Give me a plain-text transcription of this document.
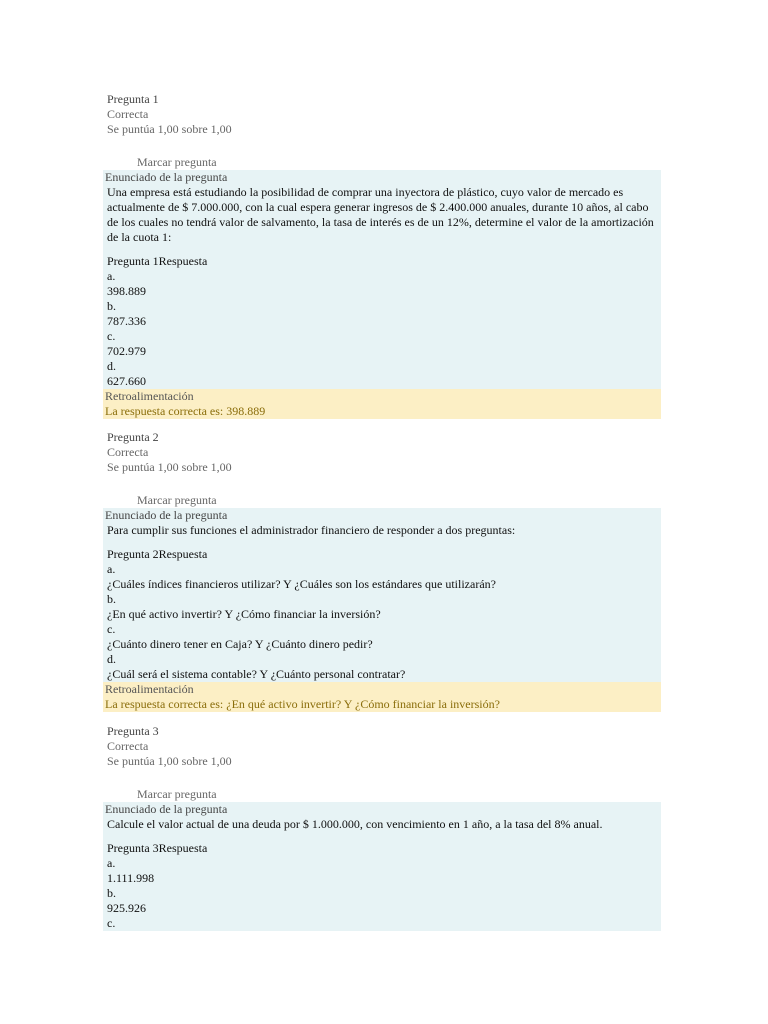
Pregunta 1
Correcta
Se puntúa 1,00 sobre 1,00
Marcar pregunta
Enunciado de la pregunta
Una empresa está estudiando la posibilidad de comprar una inyectora de plástico, cuyo valor de mercado es actualmente de $ 7.000.000, con la cual espera generar ingresos de $ 2.400.000 anuales, durante 10 años, al cabo de los cuales no tendrá valor de salvamento, la tasa de interés es de un 12%, determine el valor de la amortización de la cuota 1:
Pregunta 1Respuesta
a.
398.889
b.
787.336
c.
702.979
d.
627.660
Retroalimentación
La respuesta correcta es: 398.889
Pregunta 2
Correcta
Se puntúa 1,00 sobre 1,00
Marcar pregunta
Enunciado de la pregunta
Para cumplir sus funciones el administrador financiero de responder a dos preguntas:
Pregunta 2Respuesta
a.
¿Cuáles índices financieros utilizar? Y ¿Cuáles son los estándares que utilizarán?
b.
¿En qué activo invertir? Y ¿Cómo financiar la inversión?
c.
¿Cuánto dinero tener en Caja? Y ¿Cuánto dinero pedir?
d.
¿Cuál será el sistema contable? Y ¿Cuánto personal contratar?
Retroalimentación
La respuesta correcta es: ¿En qué activo invertir? Y ¿Cómo financiar la inversión?
Pregunta 3
Correcta
Se puntúa 1,00 sobre 1,00
Marcar pregunta
Enunciado de la pregunta
Calcule el valor actual de una deuda por $ 1.000.000, con vencimiento en 1 año, a la tasa del 8% anual.
Pregunta 3Respuesta
a.
1.111.998
b.
925.926
c.
